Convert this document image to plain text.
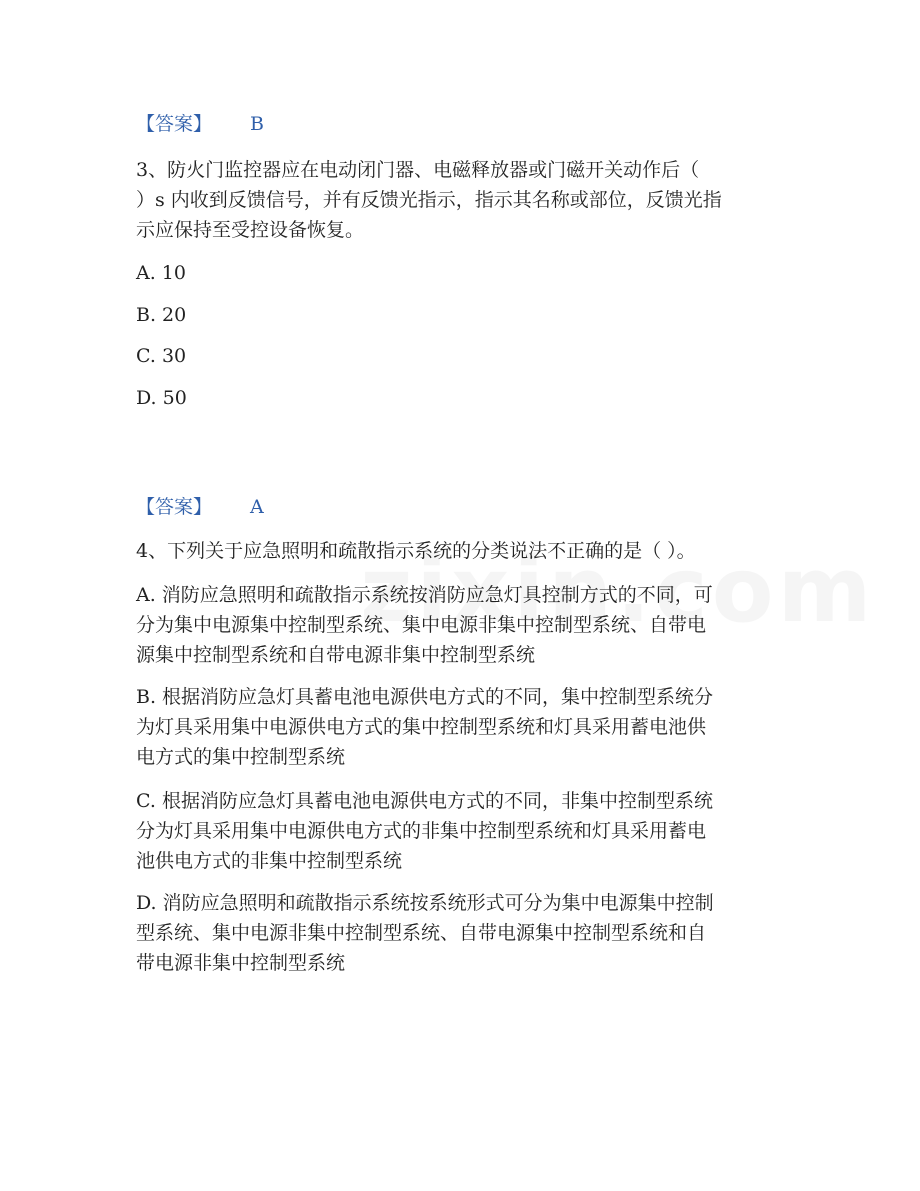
【答案】 B
3、防火门监控器应在电动闭门器、电磁释放器或门磁开关动作后（
）s 内收到反馈信号，并有反馈光指示，指示其名称或部位，反馈光指
示应保持至受控设备恢复。
A. 10
B. 20
C. 30
D. 50
【答案】 A
4、下列关于应急照明和疏散指示系统的分类说法不正确的是（ ）。
A. 消防应急照明和疏散指示系统按消防应急灯具控制方式的不同，可
分为集中电源集中控制型系统、集中电源非集中控制型系统、自带电
源集中控制型系统和自带电源非集中控制型系统
B. 根据消防应急灯具蓄电池电源供电方式的不同，集中控制型系统分
为灯具采用集中电源供电方式的集中控制型系统和灯具采用蓄电池供
电方式的集中控制型系统
C. 根据消防应急灯具蓄电池电源供电方式的不同，非集中控制型系统
分为灯具采用集中电源供电方式的非集中控制型系统和灯具采用蓄电
池供电方式的非集中控制型系统
D. 消防应急照明和疏散指示系统按系统形式可分为集中电源集中控制
型系统、集中电源非集中控制型系统、自带电源集中控制型系统和自
带电源非集中控制型系统
